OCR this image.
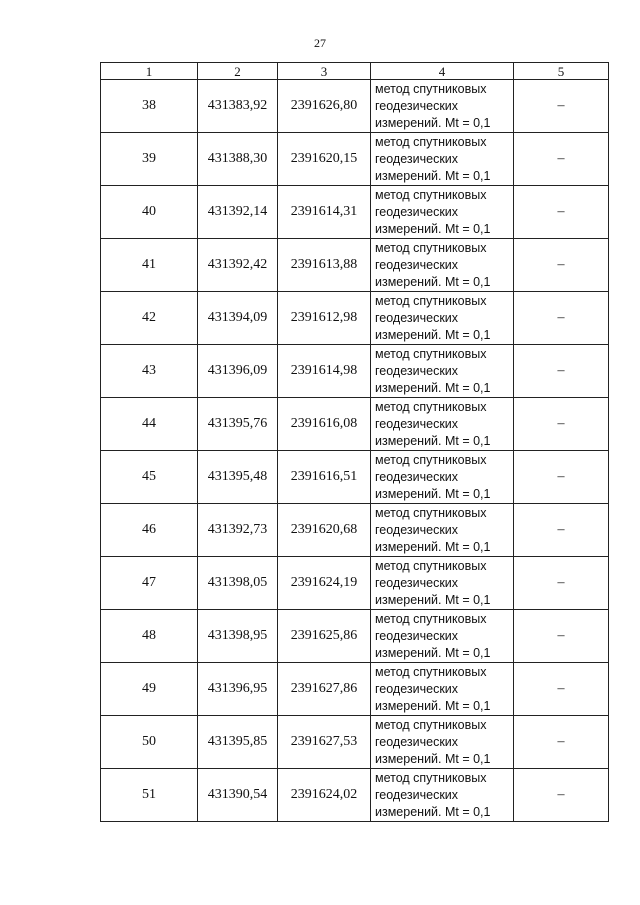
27
1	2	3	4	5
38	431383,92	2391626,80	метод спутниковых
геодезических
измерений. Mt = 0,1	–
39	431388,30	2391620,15	метод спутниковых
геодезических
измерений. Mt = 0,1	–
40	431392,14	2391614,31	метод спутниковых
геодезических
измерений. Mt = 0,1	–
41	431392,42	2391613,88	метод спутниковых
геодезических
измерений. Mt = 0,1	–
42	431394,09	2391612,98	метод спутниковых
геодезических
измерений. Mt = 0,1	–
43	431396,09	2391614,98	метод спутниковых
геодезических
измерений. Mt = 0,1	–
44	431395,76	2391616,08	метод спутниковых
геодезических
измерений. Mt = 0,1	–
45	431395,48	2391616,51	метод спутниковых
геодезических
измерений. Mt = 0,1	–
46	431392,73	2391620,68	метод спутниковых
геодезических
измерений. Mt = 0,1	–
47	431398,05	2391624,19	метод спутниковых
геодезических
измерений. Mt = 0,1	–
48	431398,95	2391625,86	метод спутниковых
геодезических
измерений. Mt = 0,1	–
49	431396,95	2391627,86	метод спутниковых
геодезических
измерений. Mt = 0,1	–
50	431395,85	2391627,53	метод спутниковых
геодезических
измерений. Mt = 0,1	–
51	431390,54	2391624,02	метод спутниковых
геодезических
измерений. Mt = 0,1	–
